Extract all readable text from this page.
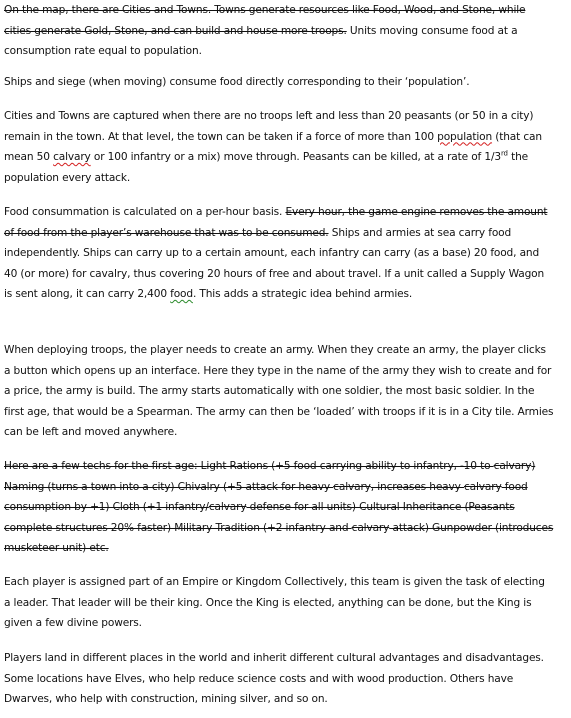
On the map, there are Cities and Towns. Towns generate resources like Food, Wood, and Stone, while cities generate Gold, Stone, and can build and house more troops. Units moving consume food at a consumption rate equal to population.

Ships and siege (when moving) consume food directly corresponding to their ‘population’.

Cities and Towns are captured when there are no troops left and less than 20 peasants (or 50 in a city) remain in the town. At that level, the town can be taken if a force of more than 100 population (that can mean 50 calvary or 100 infantry or a mix) move through. Peasants can be killed, at a rate of 1/3rd the population every attack.

Food consummation is calculated on a per-hour basis. Every hour, the game engine removes the amount of food from the player’s warehouse that was to be consumed. Ships and armies at sea carry food independently. Ships can carry up to a certain amount, each infantry can carry (as a base) 20 food, and 40 (or more) for cavalry, thus covering 20 hours of free and about travel. If a unit called a Supply Wagon is sent along, it can carry 2,400 food. This adds a strategic idea behind armies.

When deploying troops, the player needs to create an army. When they create an army, the player clicks a button which opens up an interface. Here they type in the name of the army they wish to create and for a price, the army is build. The army starts automatically with one soldier, the most basic soldier. In the first age, that would be a Spearman. The army can then be ‘loaded’ with troops if it is in a City tile. Armies can be left and moved anywhere.

Here are a few techs for the first age: Light Rations (+5 food carrying ability to infantry, -10 to calvary) Naming (turns a town into a city) Chivalry (+5 attack for heavy calvary, increases heavy calvary food consumption by +1) Cloth (+1 infantry/calvary defense for all units) Cultural Inheritance (Peasants complete structures 20% faster) Military Tradition (+2 infantry and calvary attack) Gunpowder (introduces musketeer unit) etc.

Each player is assigned part of an Empire or Kingdom Collectively, this team is given the task of electing a leader. That leader will be their king. Once the King is elected, anything can be done, but the King is given a few divine powers.

Players land in different places in the world and inherit different cultural advantages and disadvantages. Some locations have Elves, who help reduce science costs and with wood production. Others have Dwarves, who help with construction, mining silver, and so on.
